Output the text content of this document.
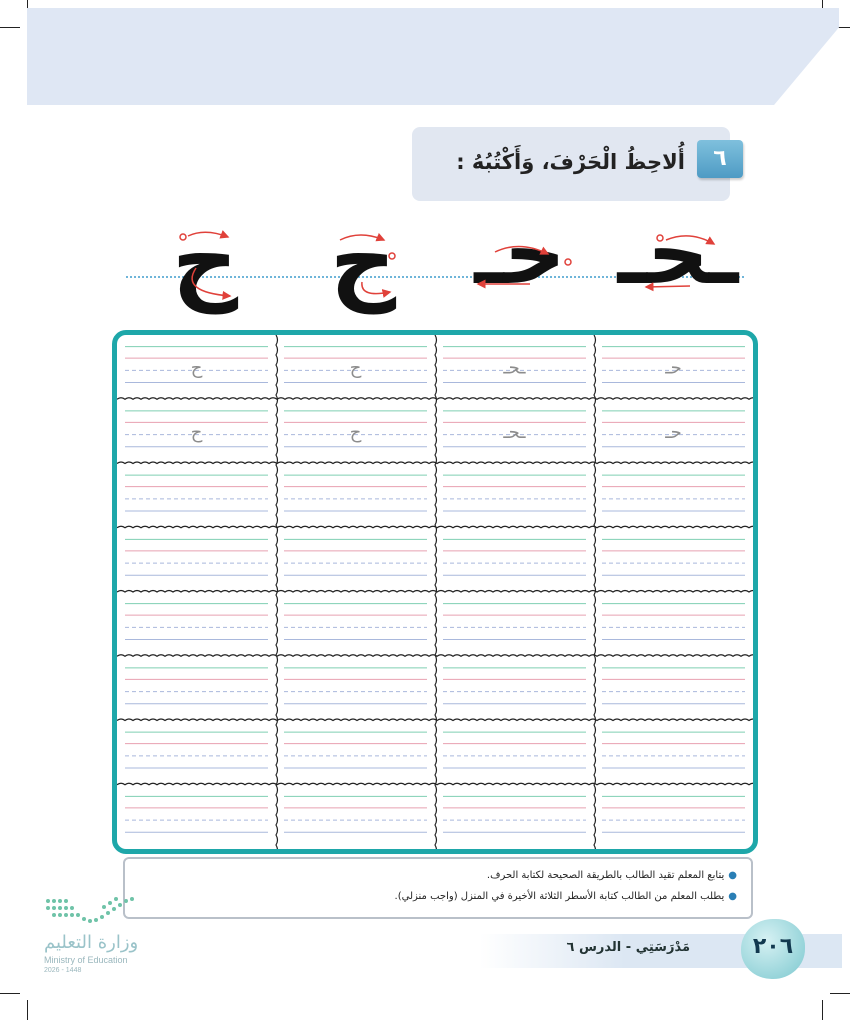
أُلاحِظُ الْحَرْفَ، وَأَكْتُبُهُ :	٦
ح ح حـ ـحـ
ح	ح	ـحـ	حـ
ح	ح	ـحـ	حـ
●يتابع المعلم تقيد الطالب بالطريقة الصحيحة لكتابة الحرف.
●يطلب المعلم من الطالب كتابة الأسطر الثلاثة الأخيرة في المنزل (واجب منزلي).
وزارة التعليم
Ministry of Education
2026 - 1448
مَدْرَسَتِي - الدرس ٦	٢٠٦
